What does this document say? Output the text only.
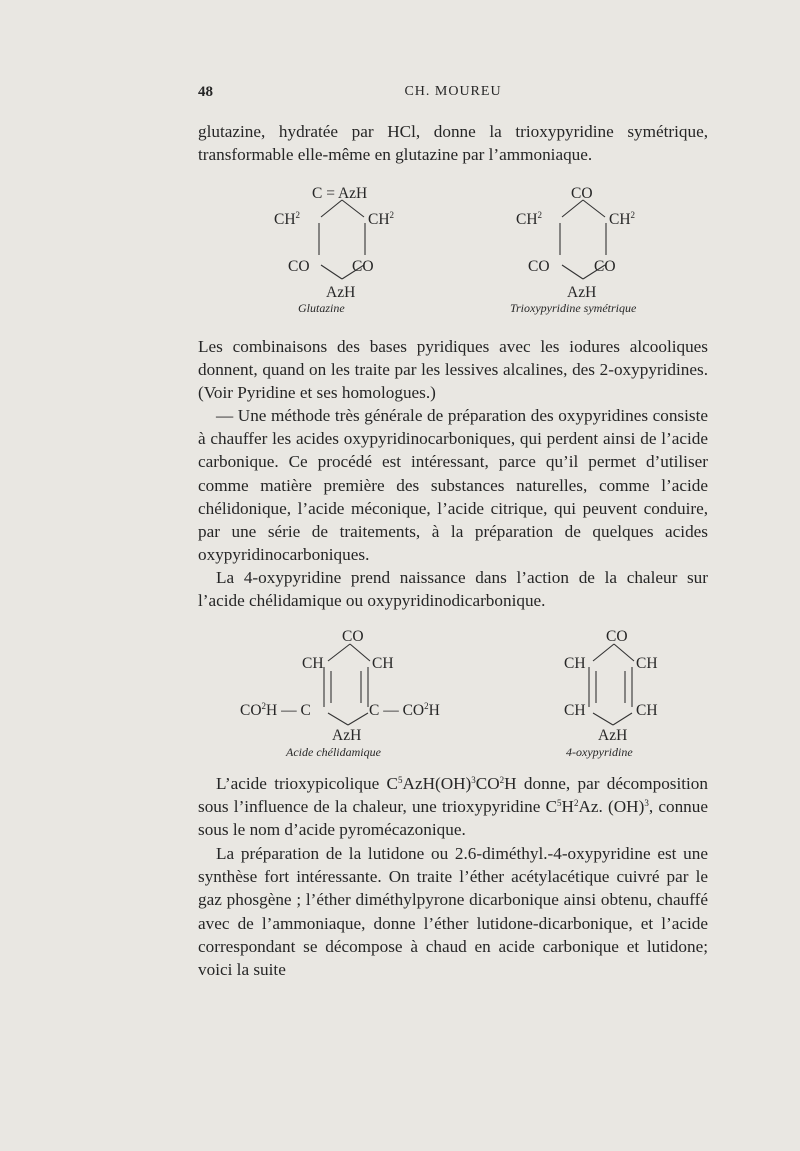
48	CH. MOUREU

glutazine, hydratée par HCl, donne la trioxypyridine symétrique, transformable elle-même en glutazine par l’ammoniaque.

C = AzH
$CH^2$	$CH^2$
CO	CO
AzH
Glutazine
CO
$CH^2$	$CH^2$
CO	CO
AzH
Trioxypyridine symétrique

Les combinaisons des bases pyridiques avec les iodures alcooliques donnent, quand on les traite par les lessives alcalines, des 2-oxypyridines. (Voir Pyridine et ses homologues.)

— Une méthode très générale de préparation des oxypyridines consiste à chauffer les acides oxypyridinocarboniques, qui perdent ainsi de l’acide carbonique. Ce procédé est intéressant, parce qu’il permet d’utiliser comme matière première des substances naturelles, comme l’acide chélidonique, l’acide méconique, l’acide citrique, qui peuvent conduire, par une série de traitements, à la préparation de quelques acides oxypyridinocarboniques.

La 4-oxypyridine prend naissance dans l’action de la chaleur sur l’acide chélidamique ou oxypyridinodicarbonique.

CO
CH	CH
$CO^2H$ — C	C — $CO^2H$
AzH
Acide chélidamique
CO
CH	CH
CH	CH
AzH
4-oxypyridine

L’acide trioxypicolique $C^5AzH(OH)^3CO^2H$ donne, par décomposition sous l’influence de la chaleur, une trioxypyridine $C^5H^2Az$. (OH)$^3$, connue sous le nom d’acide pyromécazonique.

La préparation de la lutidone ou 2.6-diméthyl.-4-oxypyridine est une synthèse fort intéressante. On traite l’éther acétylacétique cuivré par le gaz phosgène ; l’éther diméthylpyrone dicarbonique ainsi obtenu, chauffé avec de l’ammoniaque, donne l’éther lutidone-dicarbonique, et l’acide correspondant se décompose à chaud en acide carbonique et lutidone; voici la suite
